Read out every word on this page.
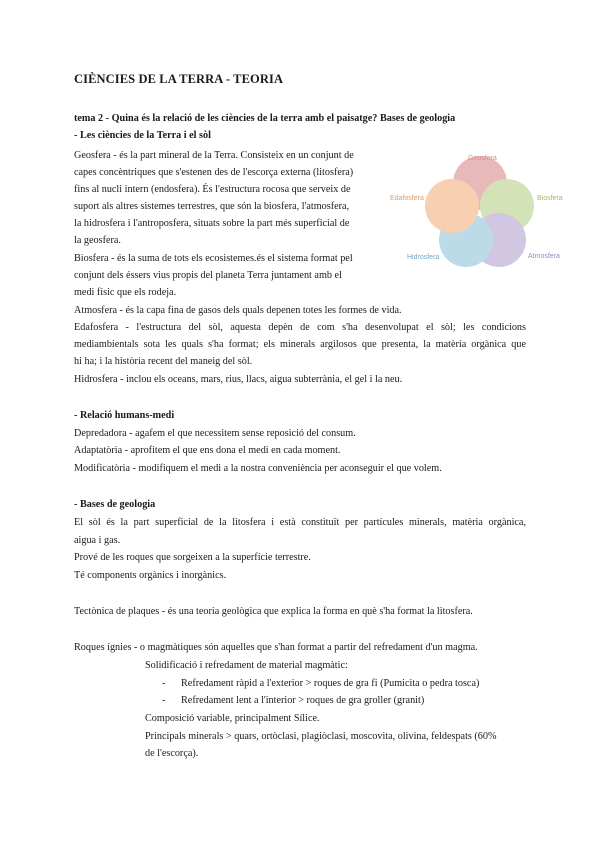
CIÈNCIES DE LA TERRA - TEORIA
tema 2 - Quina és la relació de les ciències de la terra amb el paisatge? Bases de geologia
- Les ciències de la Terra i el sòl
Geosfera - és la part mineral de la Terra. Consisteix en un conjunt de
capes concèntriques que s'estenen des de l'escorça externa (litosfera)
fins al nucli intern (endosfera). És l'estructura rocosa que serveix de
suport als altres sistemes terrestres, que són la biosfera, l'atmosfera,
la hidrosfera i l'antroposfera, situats sobre la part més superficial de
la geosfera.
Biosfera - és la suma de tots els ecosistemes.és el sistema format pel
conjunt dels éssers vius propis del planeta Terra juntament amb el
medi físic que els rodeja.
Atmosfera - és la capa fina de gasos dels quals depenen totes les formes de vida.
Edafosfera - l'estructura del sòl, aquesta depèn de com s'ha desenvolupat el sòl; les condicions
mediambientals sota les quals s'ha format; els minerals argilosos que presenta, la matèria orgànica que
hi ha; i la història recent del maneig del sòl.
Hidrosfera - inclou els oceans, mars, rius, llacs, aigua subterrània, el gel i la neu.
- Relació humans-medi
Depredadora - agafem el que necessitem sense reposició del consum.
Adaptatòria - aprofitem el que ens dona el medi en cada moment.
Modificatòria - modifiquem el medi a la nostra conveniència per aconseguir el que volem.
- Bases de geologia
El sòl és la part superficial de la litosfera i està constituït per partícules minerals, matèria orgànica,
aigua i gas.
Prové de les roques que sorgeixen a la superfície terrestre.
Té components orgànics i inorgànics.
Tectònica de plaques - és una teoria geològica que explica la forma en què s'ha format la litosfera.
Roques ígnies - o magmàtiques són aquelles que s'han format a partir del refredament d'un magma.
Solidificació i refredament de material magmàtic:
- Refredament ràpid a l'exterior > roques de gra fi (Pumicita o pedra tosca)
- Refredament lent a l'interior > roques de gra groller (granit)
Composició variable, principalment Sílice.
Principals minerals > quars, ortòclasi, plagiòclasi, moscovita, olivina, feldespats (60%
de l'escorça).
Geosfera
Biosfera
Atmosfera
Hidrosfera
Edafosfera
